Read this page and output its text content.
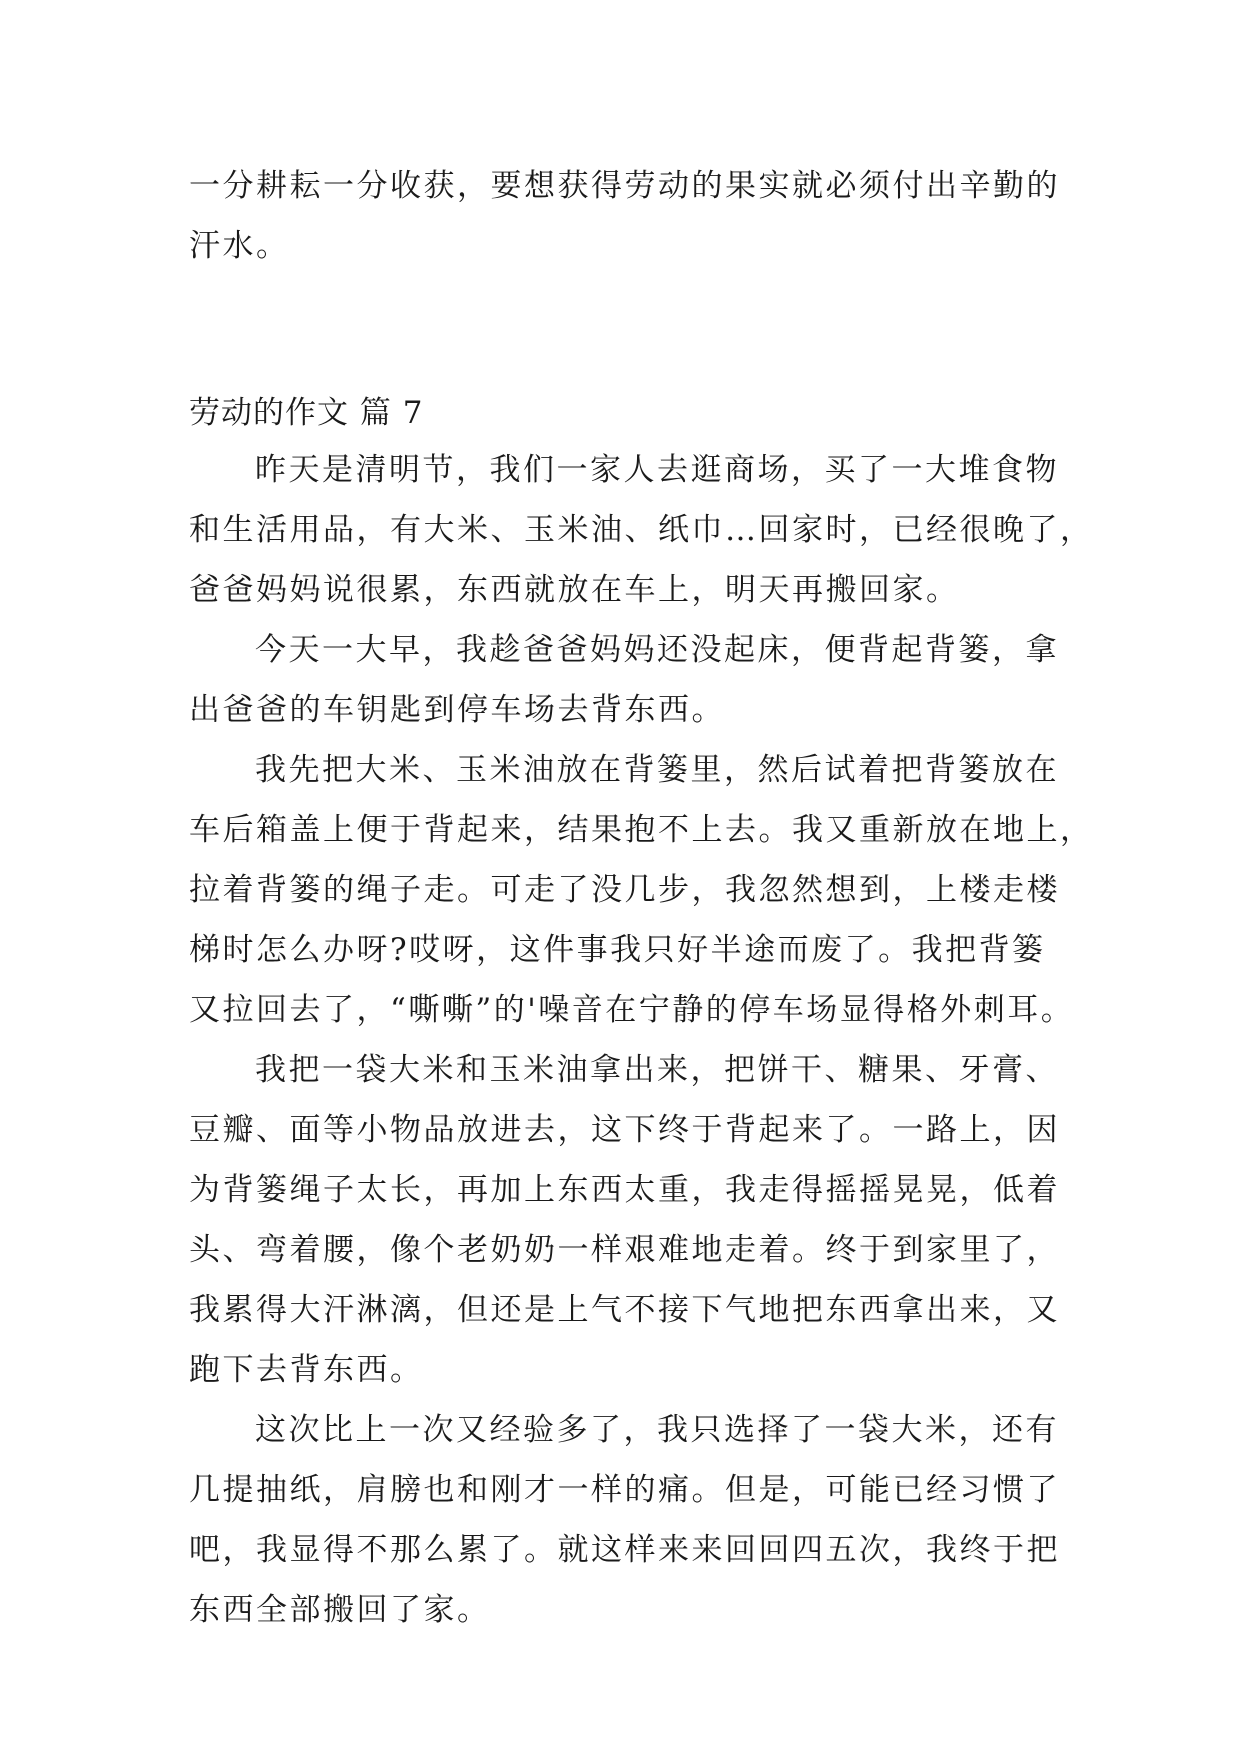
一分耕耘一分收获，要想获得劳动的果实就必须付出辛勤的
汗水。
劳动的作文 篇 7
昨天是清明节，我们一家人去逛商场，买了一大堆食物
和生活用品，有大米、玉米油、纸巾…回家时，已经很晚了，
爸爸妈妈说很累，东西就放在车上，明天再搬回家。
今天一大早，我趁爸爸妈妈还没起床，便背起背篓，拿
出爸爸的车钥匙到停车场去背东西。
我先把大米、玉米油放在背篓里，然后试着把背篓放在
车后箱盖上便于背起来，结果抱不上去。我又重新放在地上，
拉着背篓的绳子走。可走了没几步，我忽然想到，上楼走楼
梯时怎么办呀?哎呀，这件事我只好半途而废了。我把背篓
又拉回去了，“嘶嘶”的'噪音在宁静的停车场显得格外刺耳。
我把一袋大米和玉米油拿出来，把饼干、糖果、牙膏、
豆瓣、面等小物品放进去，这下终于背起来了。一路上，因
为背篓绳子太长，再加上东西太重，我走得摇摇晃晃，低着
头、弯着腰，像个老奶奶一样艰难地走着。终于到家里了，
我累得大汗淋漓，但还是上气不接下气地把东西拿出来，又
跑下去背东西。
这次比上一次又经验多了，我只选择了一袋大米，还有
几提抽纸，肩膀也和刚才一样的痛。但是，可能已经习惯了
吧，我显得不那么累了。就这样来来回回四五次，我终于把
东西全部搬回了家。
